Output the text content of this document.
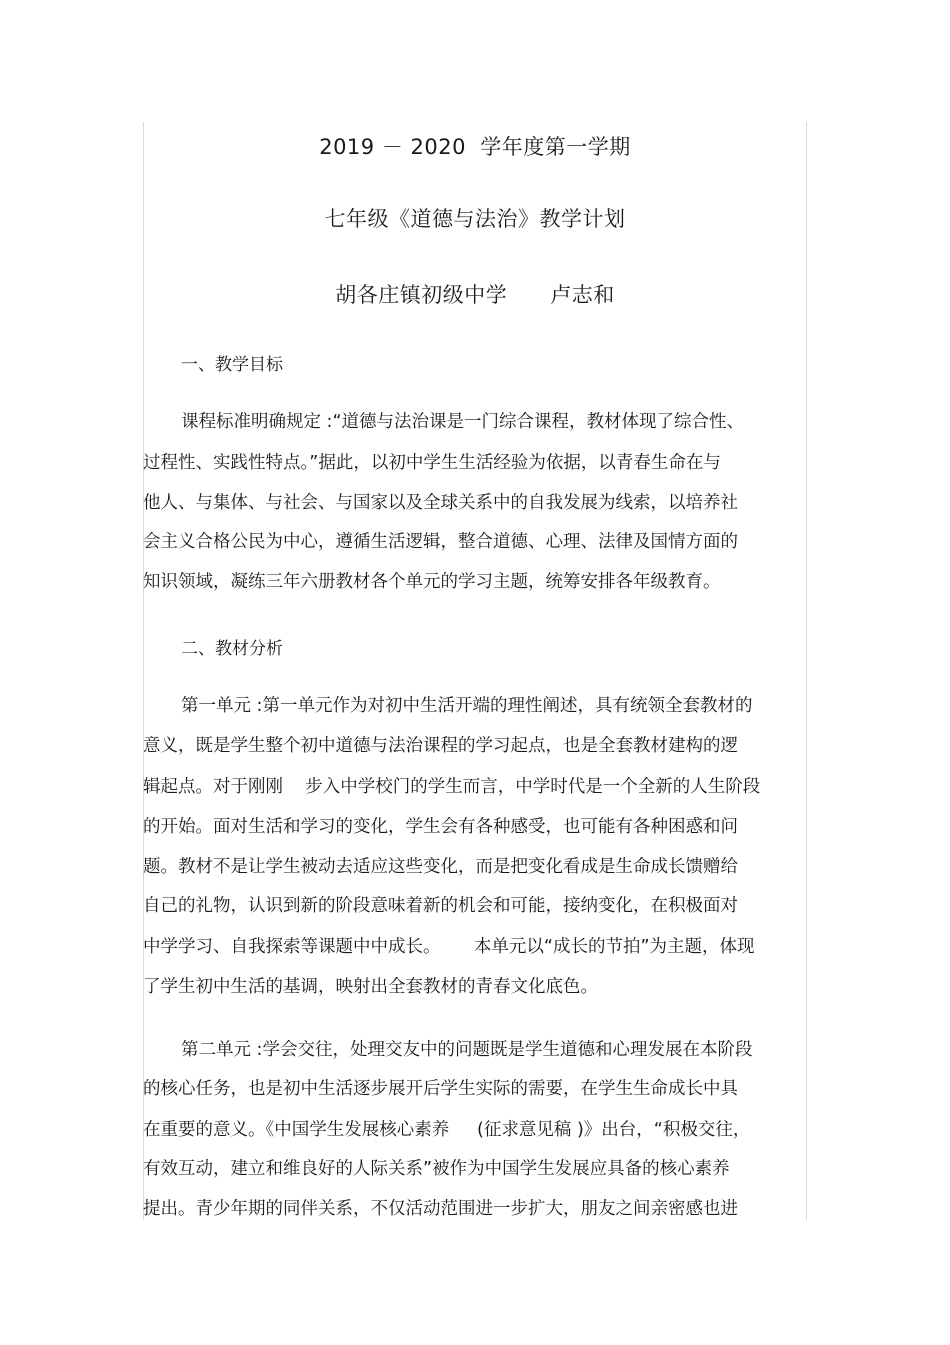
2019 － 2020  学年度第一学期
七年级《道德与法治》教学计划
胡各庄镇初级中学      卢志和
一、教学目标
课程标准明确规定 :“道德与法治课是一门综合课程，教材体现了综合性、
过程性、实践性特点。”据此，以初中学生生活经验为依据，以青春生命在与
他人、与集体、与社会、与国家以及全球关系中的自我发展为线索，以培养社
会主义合格公民为中心，遵循生活逻辑，整合道德、心理、法律及国情方面的
知识领域，凝练三年六册教材各个单元的学习主题，统筹安排各年级教育。
二、教材分析
第一单元 :第一单元作为对初中生活开端的理性阐述，具有统领全套教材的
意义，既是学生整个初中道德与法治课程的学习起点，也是全套教材建构的逻
辑起点。对于刚刚    步入中学校门的学生而言，中学时代是一个全新的人生阶段
的开始。面对生活和学习的变化，学生会有各种感受，也可能有各种困惑和问
题。教材不是让学生被动去适应这些变化，而是把变化看成是生命成长馈赠给
自己的礼物，认识到新的阶段意味着新的机会和可能，接纳变化，在积极面对
中学学习、自我探索等课题中中成长。      本单元以“成长的节拍”为主题，体现
了学生初中生活的基调，映射出全套教材的青春文化底色。
第二单元 :学会交往，处理交友中的问题既是学生道德和心理发展在本阶段
的核心任务，也是初中生活逐步展开后学生实际的需要，在学生生命成长中具
在重要的意义。《中国学生发展核心素养     (征求意见稿 )》出台，“积极交往，
有效互动，建立和维良好的人际关系”被作为中国学生发展应具备的核心素养
提出。青少年期的同伴关系，不仅活动范围进一步扩大，朋友之间亲密感也进
